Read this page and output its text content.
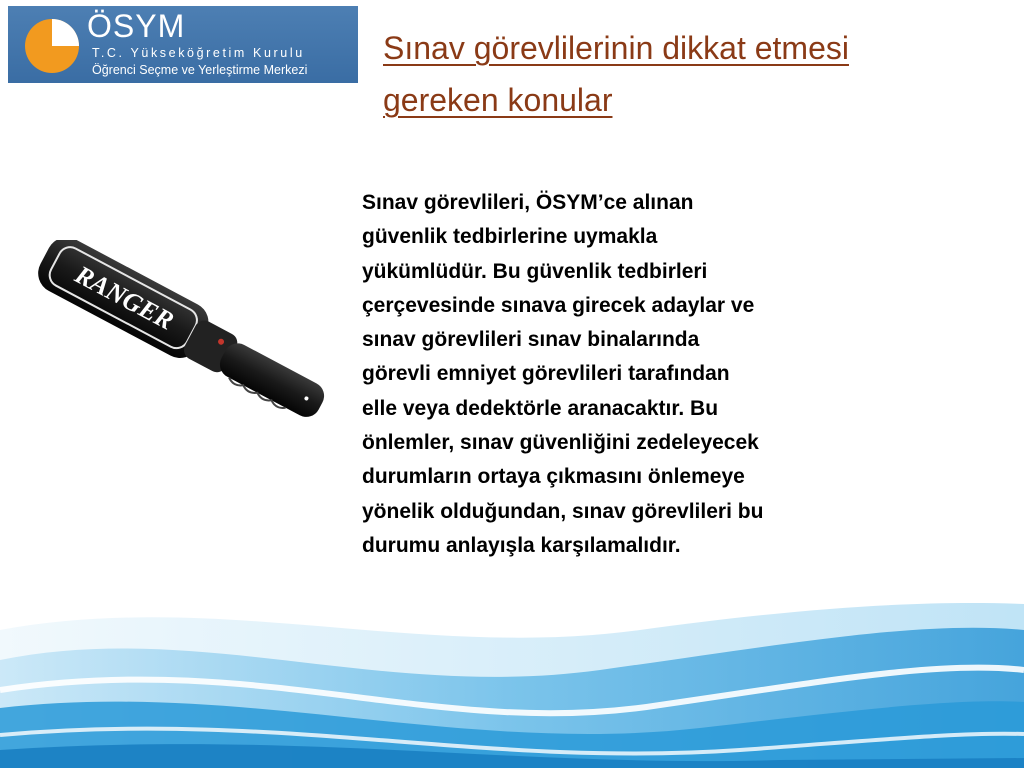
ÖSYM
T.C. Yükseköğretim Kurulu
Öğrenci Seçme ve Yerleştirme Merkezi
Sınav görevlilerinin dikkat etmesi
gereken konular
RANGER

Sınav görevlileri, ÖSYM’ce alınan
güvenlik tedbirlerine uymakla
yükümlüdür. Bu güvenlik tedbirleri
çerçevesinde sınava girecek adaylar ve
sınav görevlileri sınav binalarında
görevli emniyet görevlileri tarafından
elle veya dedektörle aranacaktır. Bu
önlemler, sınav güvenliğini zedeleyecek
durumların ortaya çıkmasını önlemeye
yönelik olduğundan, sınav görevlileri bu
durumu anlayışla karşılamalıdır.
